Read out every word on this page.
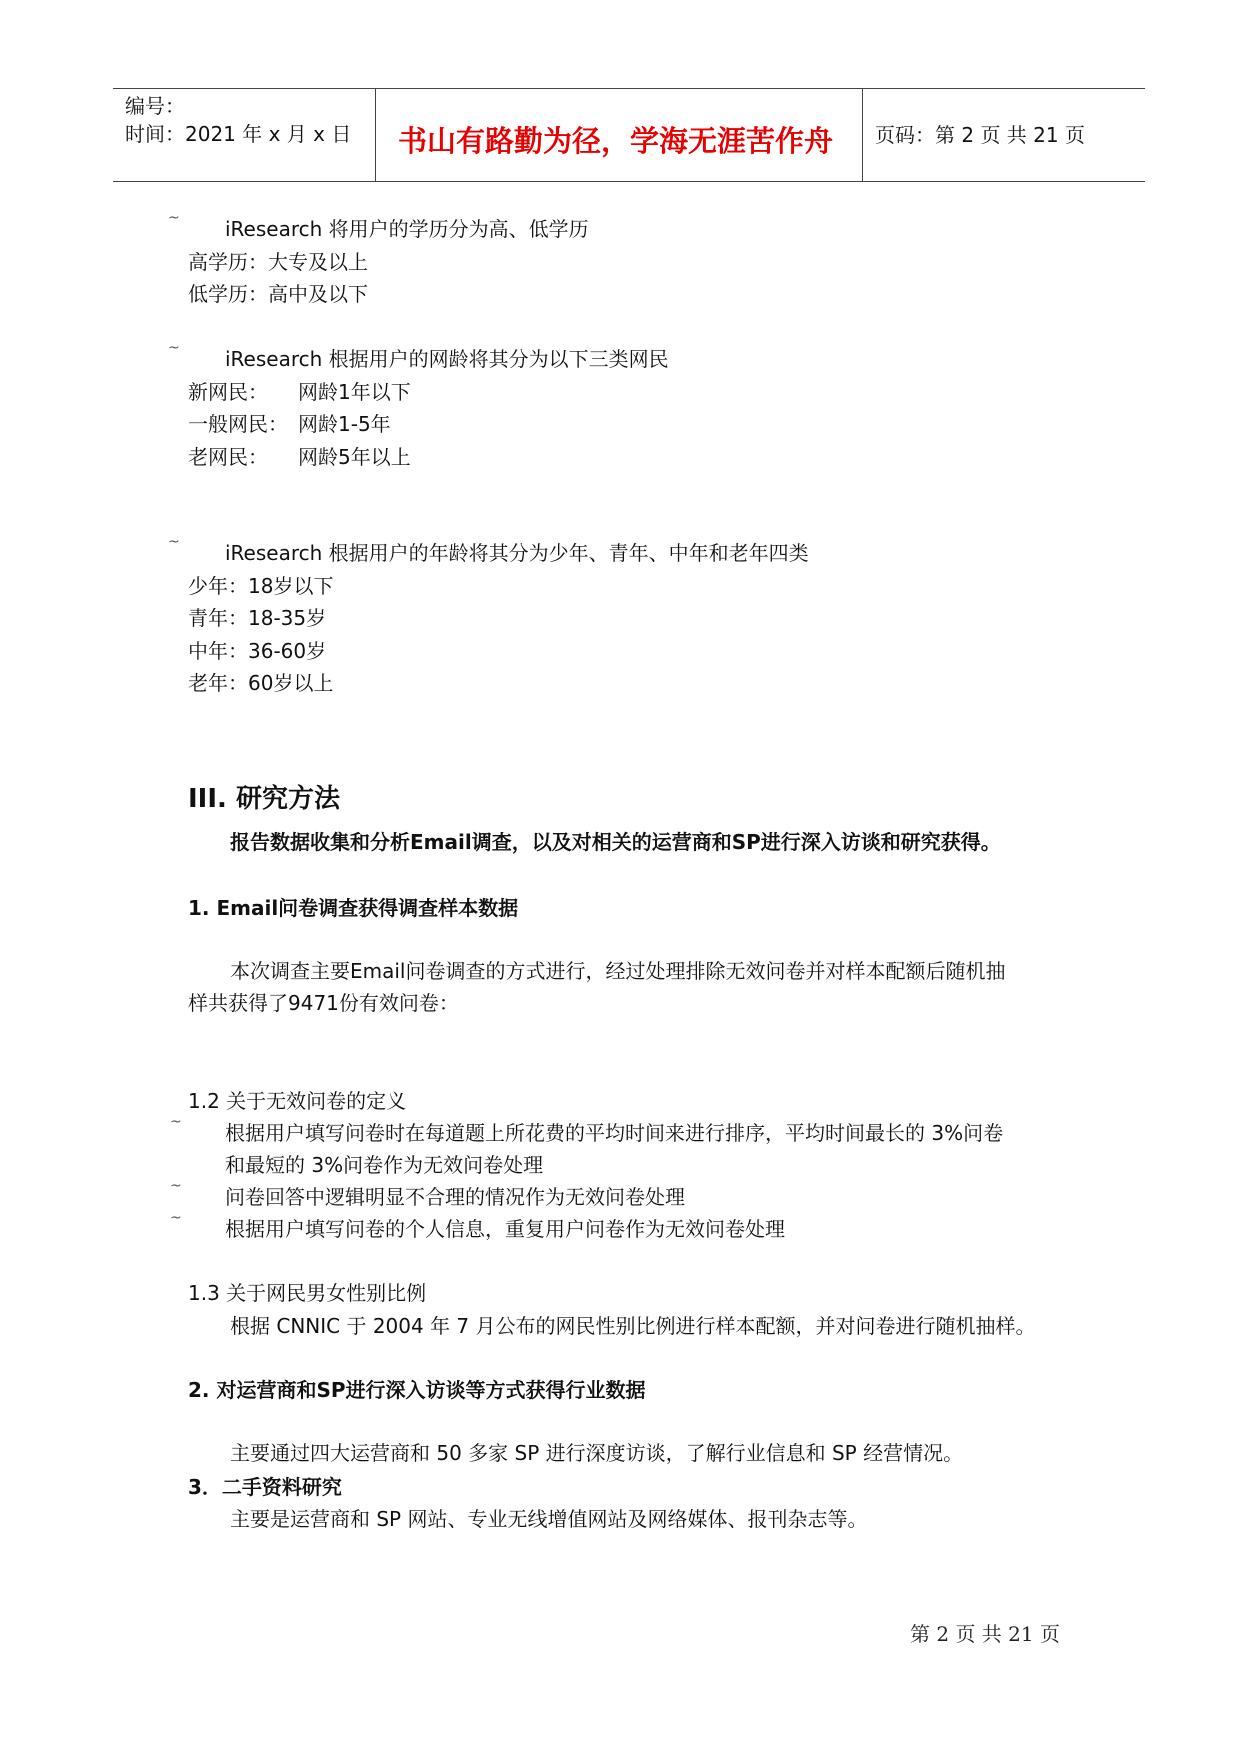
编号：
时间：2021 年 x 月 x 日 书山有路勤为径，学海无涯苦作舟 页码：第 2 页 共 21 页
~ iResearch 将用户的学历分为高、低学历
高学历：大专及以上
低学历：高中及以下
~ iResearch 根据用户的网龄将其分为以下三类网民
新网民： 网龄1年以下
一般网民： 网龄1-5年
老网民： 网龄5年以上
~ iResearch 根据用户的年龄将其分为少年、青年、中年和老年四类
少年：18岁以下
青年：18-35岁
中年：36-60岁
老年：60岁以上
III. 研究方法
报告数据收集和分析Email调查，以及对相关的运营商和SP进行深入访谈和研究获得。
1. Email问卷调查获得调查样本数据
本次调查主要Email问卷调查的方式进行，经过处理排除无效问卷并对样本配额后随机抽
样共获得了9471份有效问卷：
1.2 关于无效问卷的定义
~ 根据用户填写问卷时在每道题上所花费的平均时间来进行排序，平均时间最长的 3%问卷
和最短的 3%问卷作为无效问卷处理
~ 问卷回答中逻辑明显不合理的情况作为无效问卷处理
~ 根据用户填写问卷的个人信息，重复用户问卷作为无效问卷处理
1.3 关于网民男女性别比例
根据 CNNIC 于 2004 年 7 月公布的网民性别比例进行样本配额，并对问卷进行随机抽样。
2. 对运营商和SP进行深入访谈等方式获得行业数据
主要通过四大运营商和 50 多家 SP 进行深度访谈，了解行业信息和 SP 经营情况。
3．二手资料研究
主要是运营商和 SP 网站、专业无线增值网站及网络媒体、报刊杂志等。
第 2 页 共 21 页
